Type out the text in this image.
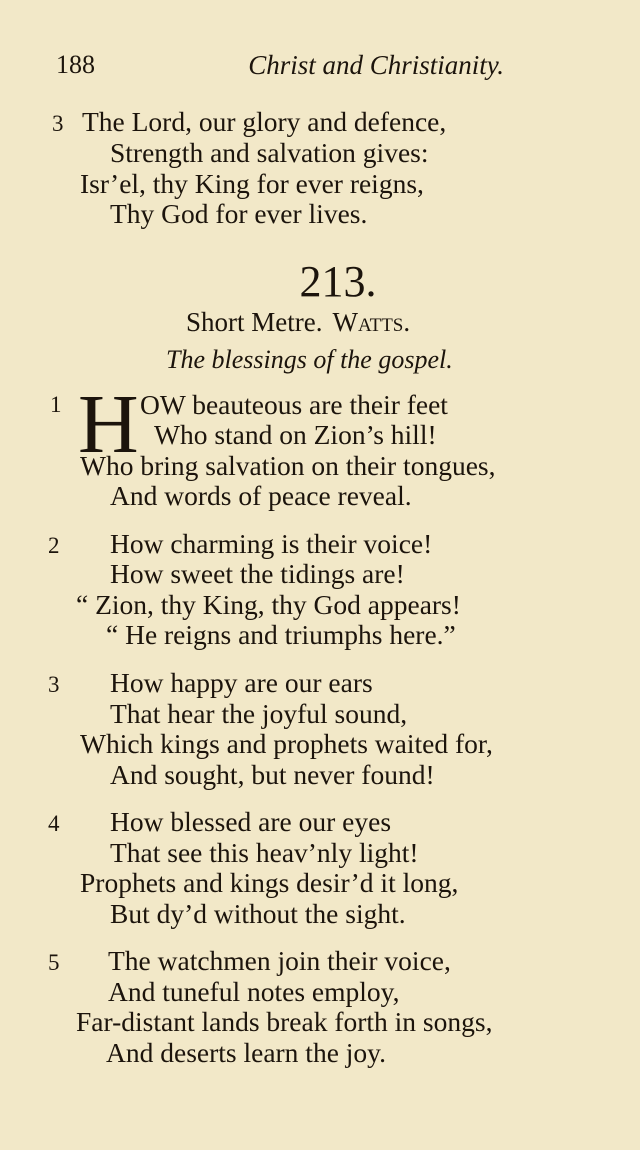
188	Christ and Christianity.
3 The Lord, our glory and defence,
Strength and salvation gives:
Isr’el, thy King for ever reigns,
Thy God for ever lives.
213.
Short Metre. Watts.
The blessings of the gospel.
1 H OW beauteous are their feet
Who stand on Zion’s hill!
Who bring salvation on their tongues,
And words of peace reveal.
2 How charming is their voice!
How sweet the tidings are!
“ Zion, thy King, thy God appears!
“ He reigns and triumphs here.”
3 How happy are our ears
That hear the joyful sound,
Which kings and prophets waited for,
And sought, but never found!
4 How blessed are our eyes
That see this heav’nly light!
Prophets and kings desir’d it long,
But dy’d without the sight.
5 The watchmen join their voice,
And tuneful notes employ,
Far-distant lands break forth in songs,
And deserts learn the joy.
